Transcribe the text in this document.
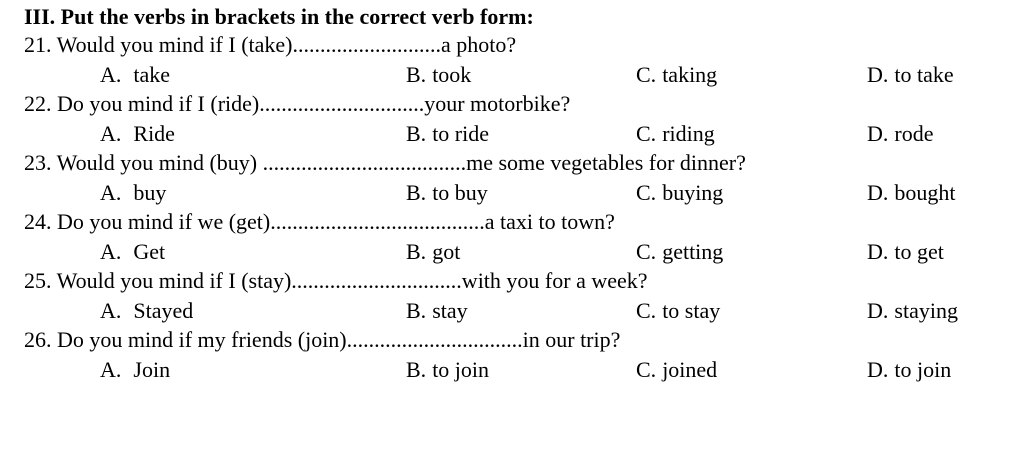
III. Put the verbs in brackets in the correct verb form:
21. Would you mind if I (take)...........................a photo?
A. take	B. took	C. taking	D. to take
22. Do you mind if I (ride)..............................your motorbike?
A. Ride	B. to ride	C. riding	D. rode
23. Would you mind (buy) .....................................me some vegetables for dinner?
A. buy	B. to buy	C. buying	D. bought
24. Do you mind if we (get).......................................a taxi to town?
A. Get	B. got	C. getting	D. to get
25. Would you mind if I (stay)...............................with you for a week?
A. Stayed	B. stay	C. to stay	D. staying
26. Do you mind if my friends (join)................................in our trip?
A. Join	B. to join	C. joined	D. to join
